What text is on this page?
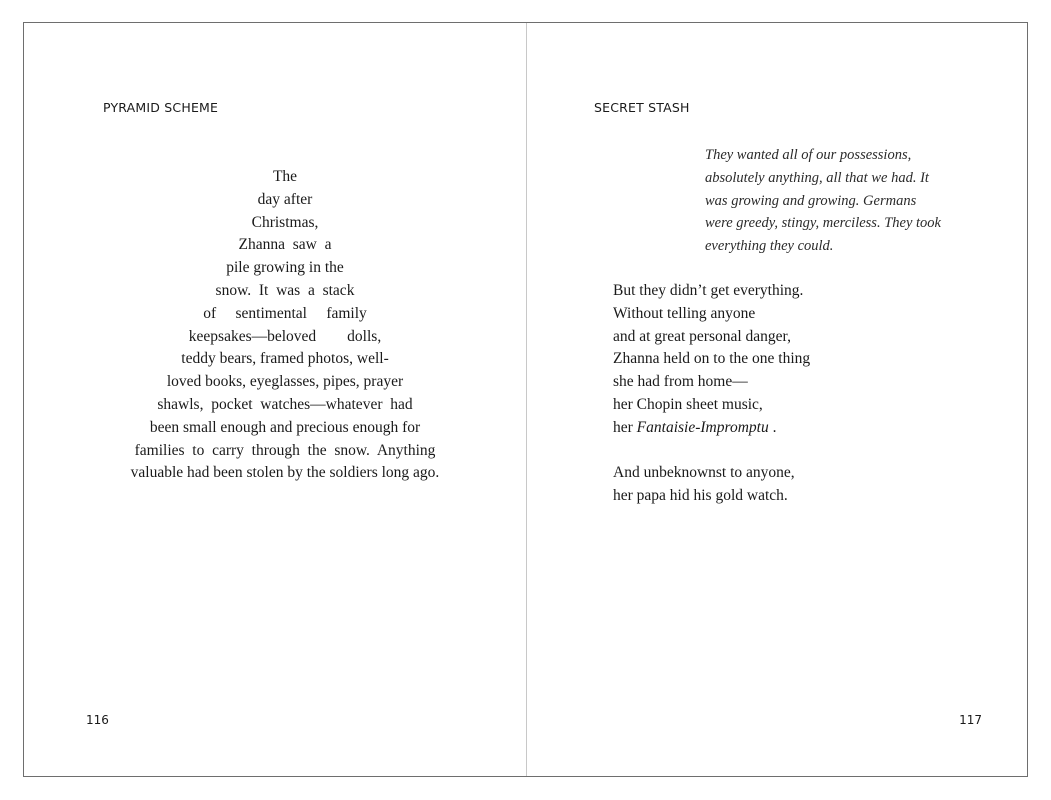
PYRAMID SCHEME
The
day after
Christmas,
Zhanna  saw  a
pile growing in the
snow.  It  was  a  stack
of     sentimental     family
keepsakes—beloved        dolls,
teddy bears, framed photos, well-
loved books, eyeglasses, pipes, prayer
shawls,  pocket  watches—whatever  had
been small enough and precious enough for
families  to  carry  through  the  snow.  Anything
valuable had been stolen by the soldiers long ago.
116
SECRET STASH
They wanted all of our possessions,
absolutely anything, all that we had. It
was growing and growing. Germans
were greedy, stingy, merciless. They took
everything they could.
But they didn’t get everything.
Without telling anyone
and at great personal danger,
Zhanna held on to the one thing
she had from home—
her Chopin sheet music,
her Fantaisie-Impromptu .
And unbeknownst to anyone,
her papa hid his gold watch.
117
